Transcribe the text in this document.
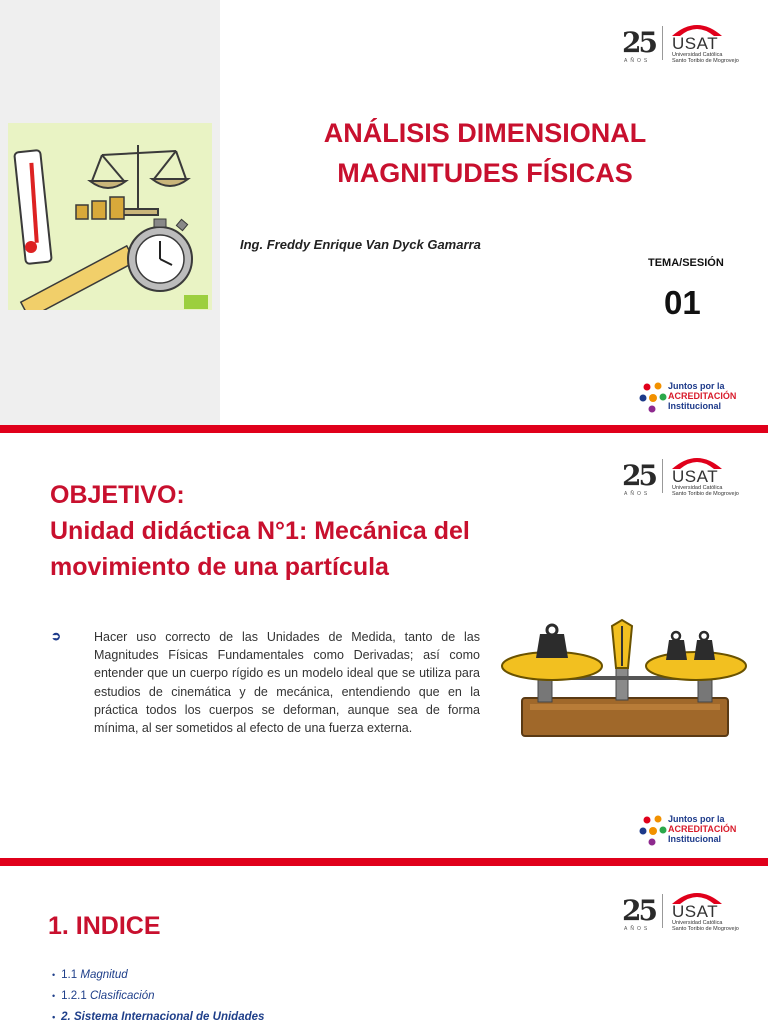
ANÁLISIS DIMENSIONAL
MAGNITUDES FÍSICAS
Ing. Freddy Enrique Van Dyck Gamarra
TEMA/SESIÓN
01
25
AÑOS
USAT
Universidad Católica
Santo Toribio de Mogrovejo
Juntos por la
ACREDITACIÓN
Institucional
OBJETIVO:
Unidad didáctica N°1: Mecánica del
movimiento de una partícula
25
AÑOS
USAT
Universidad Católica
Santo Toribio de Mogrovejo
Juntos por la
ACREDITACIÓN
Institucional
➲	Hacer uso correcto de las Unidades de Medida, tanto de las Magnitudes Físicas Fundamentales como Derivadas; así como entender que un cuerpo rígido es un modelo ideal que se utiliza para estudios de cinemática y de mecánica, entendiendo que en la práctica todos los cuerpos se deforman, aunque sea de forma mínima, al ser sometidos al efecto de una fuerza externa.
1. INDICE	25
AÑOS
USAT
Universidad Católica
Santo Toribio de Mogrovejo
• 1.1 Magnitud
• 1.2.1 Clasificación
• 2. Sistema Internacional de Unidades
